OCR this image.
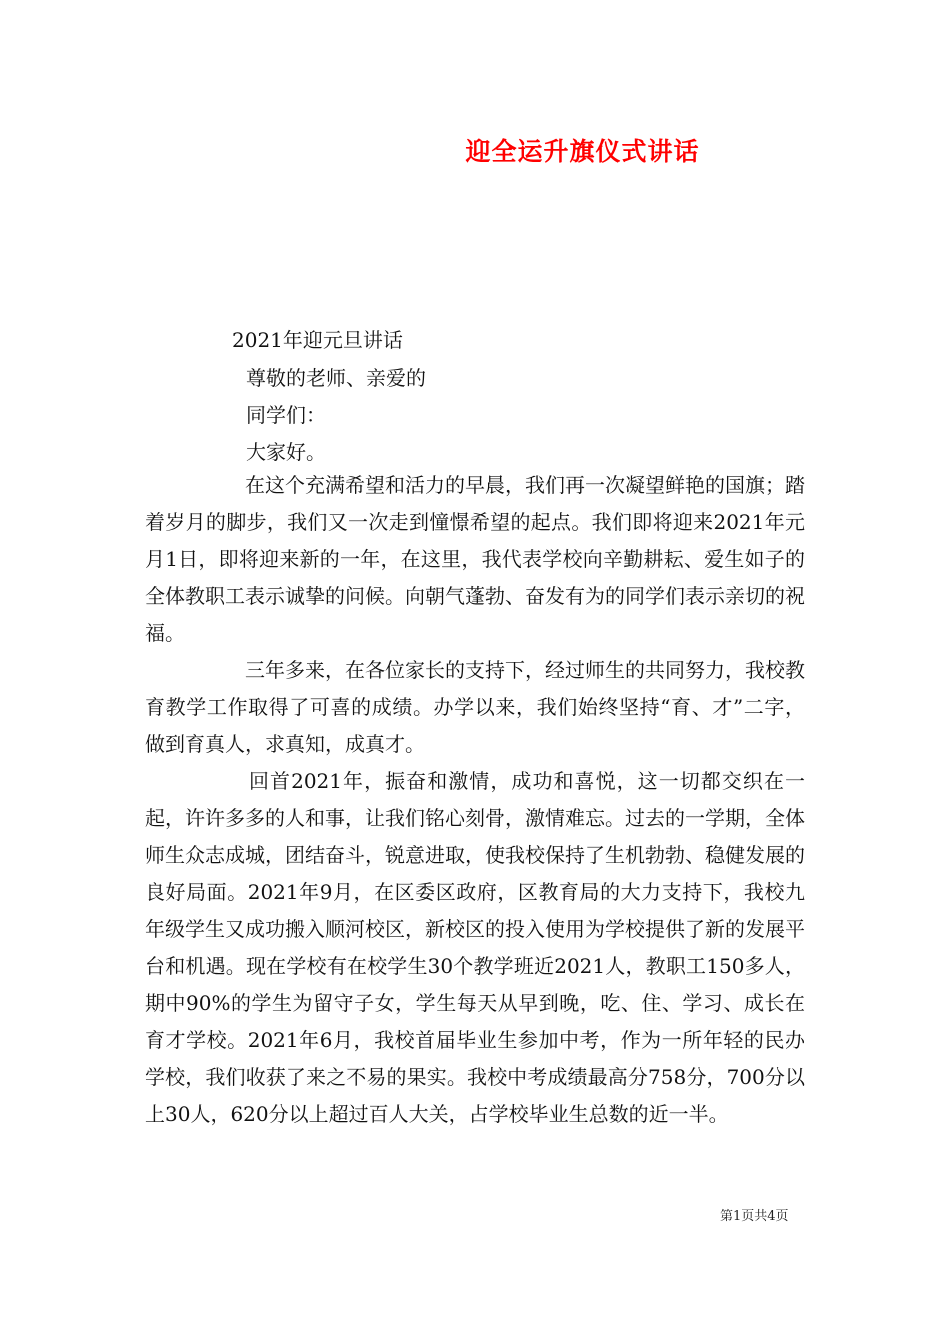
迎全运升旗仪式讲话
2021年迎元旦讲话
尊敬的老师、亲爱的
同学们：
大家好。
在这个充满希望和活力的早晨，我们再一次凝望鲜艳的国旗；踏着岁月的脚步，我们又一次走到憧憬希望的起点。我们即将迎来2021年元月1日，即将迎来新的一年，在这里，我代表学校向辛勤耕耘、爱生如子的全体教职工表示诚挚的问候。向朝气蓬勃、奋发有为的同学们表示亲切的祝福。
三年多来，在各位家长的支持下，经过师生的共同努力，我校教育教学工作取得了可喜的成绩。办学以来，我们始终坚持“育、才”二字，做到育真人，求真知，成真才。
回首2021年，振奋和激情，成功和喜悦，这一切都交织在一起，许许多多的人和事，让我们铭心刻骨，激情难忘。过去的一学期，全体师生众志成城，团结奋斗，锐意进取，使我校保持了生机勃勃、稳健发展的良好局面。2021年9月，在区委区政府，区教育局的大力支持下，我校九年级学生又成功搬入顺河校区，新校区的投入使用为学校提供了新的发展平台和机遇。现在学校有在校学生30个教学班近2021人，教职工150多人，期中90%的学生为留守子女，学生每天从早到晚，吃、住、学习、成长在育才学校。2021年6月，我校首届毕业生参加中考，作为一所年轻的民办学校，我们收获了来之不易的果实。我校中考成绩最高分758分，700分以上30人，620分以上超过百人大关，占学校毕业生总数的近一半。
第1页共4页
